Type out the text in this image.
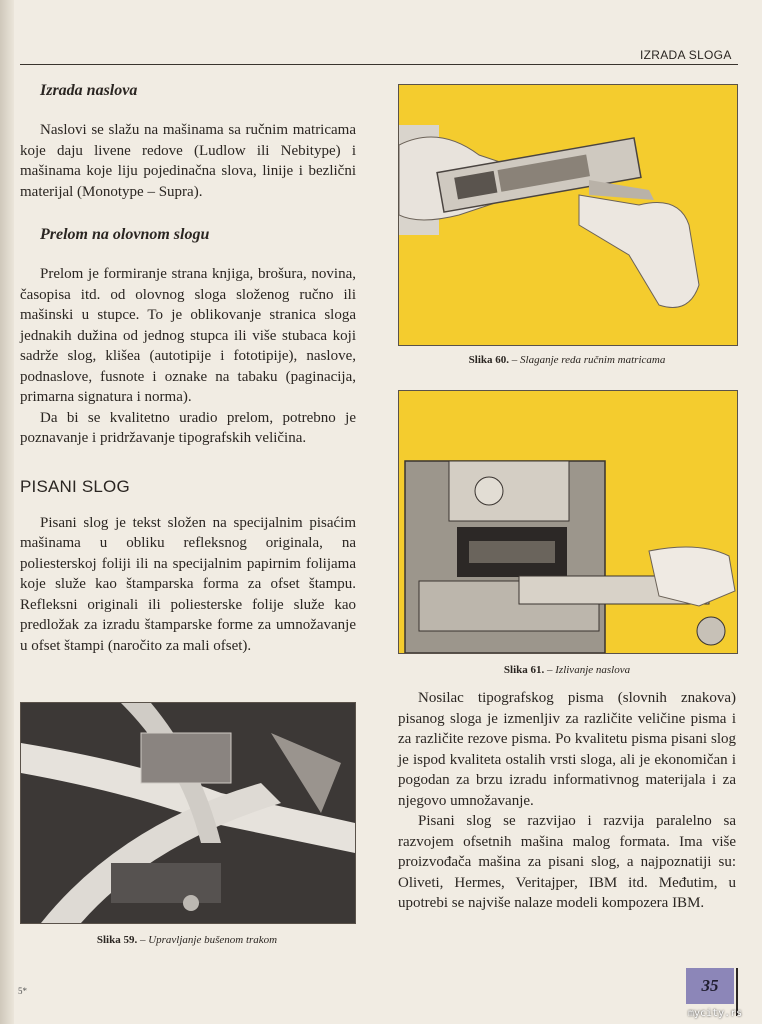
IZRADA SLOGA
Izrada naslova

Naslovi se slažu na mašinama sa ručnim matricama koje daju livene redove (Ludlow ili Nebitype) i mašinama koje liju pojedinačna slova, linije i bezlični materijal (Monotype – Supra).

Prelom na olovnom slogu

Prelom je formiranje strana knjiga, brošura, novina, časopisa itd. od olovnog sloga složenog ručno ili mašinski u stupce. To je oblikovanje stranica sloga jednakih dužina od jednog stupca ili više stubaca koji sadrže slog, klišea (autotipije i fototipije), naslove, podnaslove, fusnote i oznake na tabaku (paginacija, primarna signatura i norma).

Da bi se kvalitetno uradio prelom, potrebno je poznavanje i pridržavanje tipografskih veličina.

PISANI SLOG

Pisani slog je tekst složen na specijalnim pisaćim mašinama u obliku refleksnog originala, na poliesterskoj foliji ili na specijalnim papirnim folijama koje služe kao štamparska forma za ofset štampu. Refleksni originali ili poliesterske folije služe kao predložak za izradu štamparske forme za umnožavanje u ofset štampi (naročito za mali ofset).

Slika 60. – Slaganje reda ručnim matricama
Slika 61. – Izlivanje naslova

Nosilac tipografskog pisma (slovnih znakova) pisanog sloga je izmenljiv za različite veličine pisma i za različite rezove pisma. Po kvalitetu pisma pisani slog je ispod kvaliteta ostalih vrsti sloga, ali je ekonomičan i pogodan za brzu izradu informativnog materijala i za njegovo umnožavanje.

Pisani slog se razvijao i razvija paralelno sa razvojem ofsetnih mašina malog formata. Ima više proizvođača mašina za pisani slog, a najpoznatiji su: Oliveti, Hermes, Veritajper, IBM itd. Međutim, u upotrebi se najviše nalaze modeli kompozera IBM.

Slika 59. – Upravljanje bušenom trakom
5*	35
mycity.rs
